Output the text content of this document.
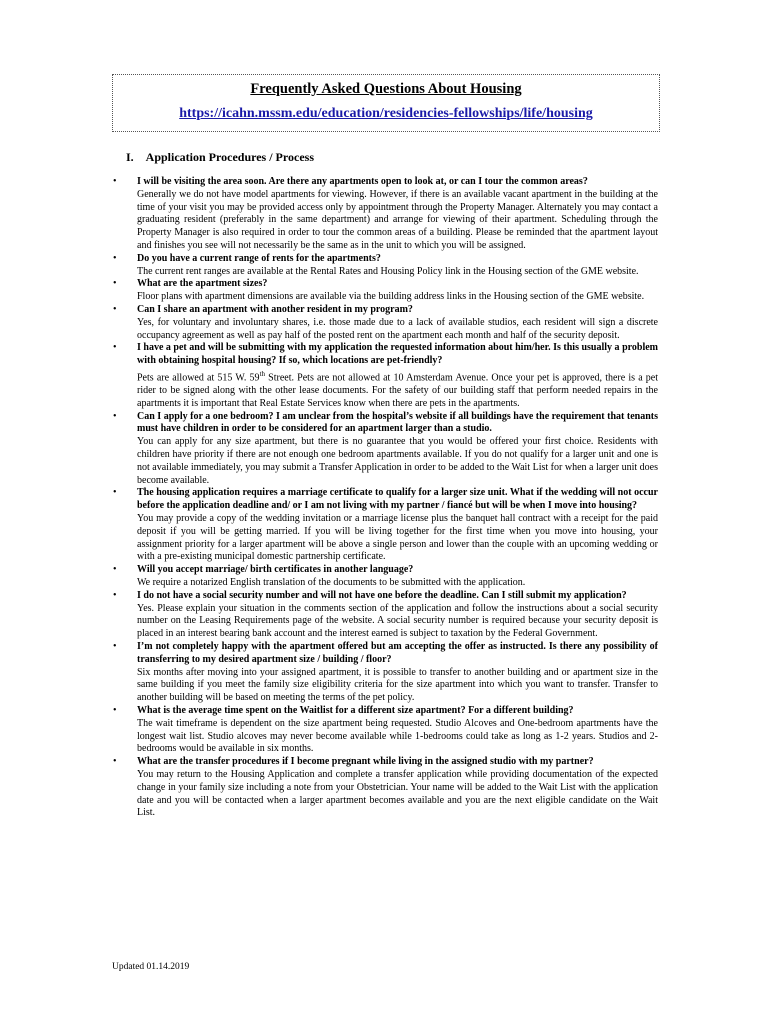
Frequently Asked Questions About Housing
https://icahn.mssm.edu/education/residencies-fellowships/life/housing
I. Application Procedures / Process
• I will be visiting the area soon. Are there any apartments open to look at, or can I tour the common areas?
Generally we do not have model apartments for viewing. However, if there is an available vacant apartment in the building at the time of your visit you may be provided access only by appointment through the Property Manager. Alternately you may contact a graduating resident (preferably in the same department) and arrange for viewing of their apartment. Scheduling through the Property Manager is also required in order to tour the common areas of a building. Please be reminded that the apartment layout and finishes you see will not necessarily be the same as in the unit to which you will be assigned.
• Do you have a current range of rents for the apartments?
The current rent ranges are available at the Rental Rates and Housing Policy link in the Housing section of the GME website.
• What are the apartment sizes?
Floor plans with apartment dimensions are available via the building address links in the Housing section of the GME website.
• Can I share an apartment with another resident in my program?
Yes, for voluntary and involuntary shares, i.e. those made due to a lack of available studios, each resident will sign a discrete occupancy agreement as well as pay half of the posted rent on the apartment each month and half of the security deposit.
• I have a pet and will be submitting with my application the requested information about him/her. Is this usually a problem with obtaining hospital housing? If so, which locations are pet-friendly?
Pets are allowed at 515 W. 59th Street. Pets are not allowed at 10 Amsterdam Avenue. Once your pet is approved, there is a pet rider to be signed along with the other lease documents. For the safety of our building staff that perform needed repairs in the apartments it is important that Real Estate Services know when there are pets in the apartments.
• Can I apply for a one bedroom? I am unclear from the hospital’s website if all buildings have the requirement that tenants must have children in order to be considered for an apartment larger than a studio.
You can apply for any size apartment, but there is no guarantee that you would be offered your first choice. Residents with children have priority if there are not enough one bedroom apartments available. If you do not qualify for a larger unit and one is not available immediately, you may submit a Transfer Application in order to be added to the Wait List for when a larger unit does become available.
• The housing application requires a marriage certificate to qualify for a larger size unit. What if the wedding will not occur before the application deadline and/ or I am not living with my partner / fiancé but will be when I move into housing?
You may provide a copy of the wedding invitation or a marriage license plus the banquet hall contract with a receipt for the paid deposit if you will be getting married. If you will be living together for the first time when you move into housing, your assignment priority for a larger apartment will be above a single person and lower than the couple with an upcoming wedding or with a pre-existing municipal domestic partnership certificate.
• Will you accept marriage/ birth certificates in another language?
We require a notarized English translation of the documents to be submitted with the application.
• I do not have a social security number and will not have one before the deadline. Can I still submit my application?
Yes. Please explain your situation in the comments section of the application and follow the instructions about a social security number on the Leasing Requirements page of the website. A social security number is required because your security deposit is placed in an interest bearing bank account and the interest earned is subject to taxation by the Federal Government.
• I’m not completely happy with the apartment offered but am accepting the offer as instructed. Is there any possibility of transferring to my desired apartment size / building / floor?
Six months after moving into your assigned apartment, it is possible to transfer to another building and or apartment size in the same building if you meet the family size eligibility criteria for the size apartment into which you want to transfer. Transfer to another building will be based on meeting the terms of the pet policy.
• What is the average time spent on the Waitlist for a different size apartment? For a different building?
The wait timeframe is dependent on the size apartment being requested. Studio Alcoves and One-bedroom apartments have the longest wait list. Studio alcoves may never become available while 1-bedrooms could take as long as 1-2 years. Studios and 2-bedrooms would be available in six months.
• What are the transfer procedures if I become pregnant while living in the assigned studio with my partner?
You may return to the Housing Application and complete a transfer application while providing documentation of the expected change in your family size including a note from your Obstetrician. Your name will be added to the Wait List with the application date and you will be contacted when a larger apartment becomes available and you are the next eligible candidate on the Wait List.
Updated 01.14.2019
